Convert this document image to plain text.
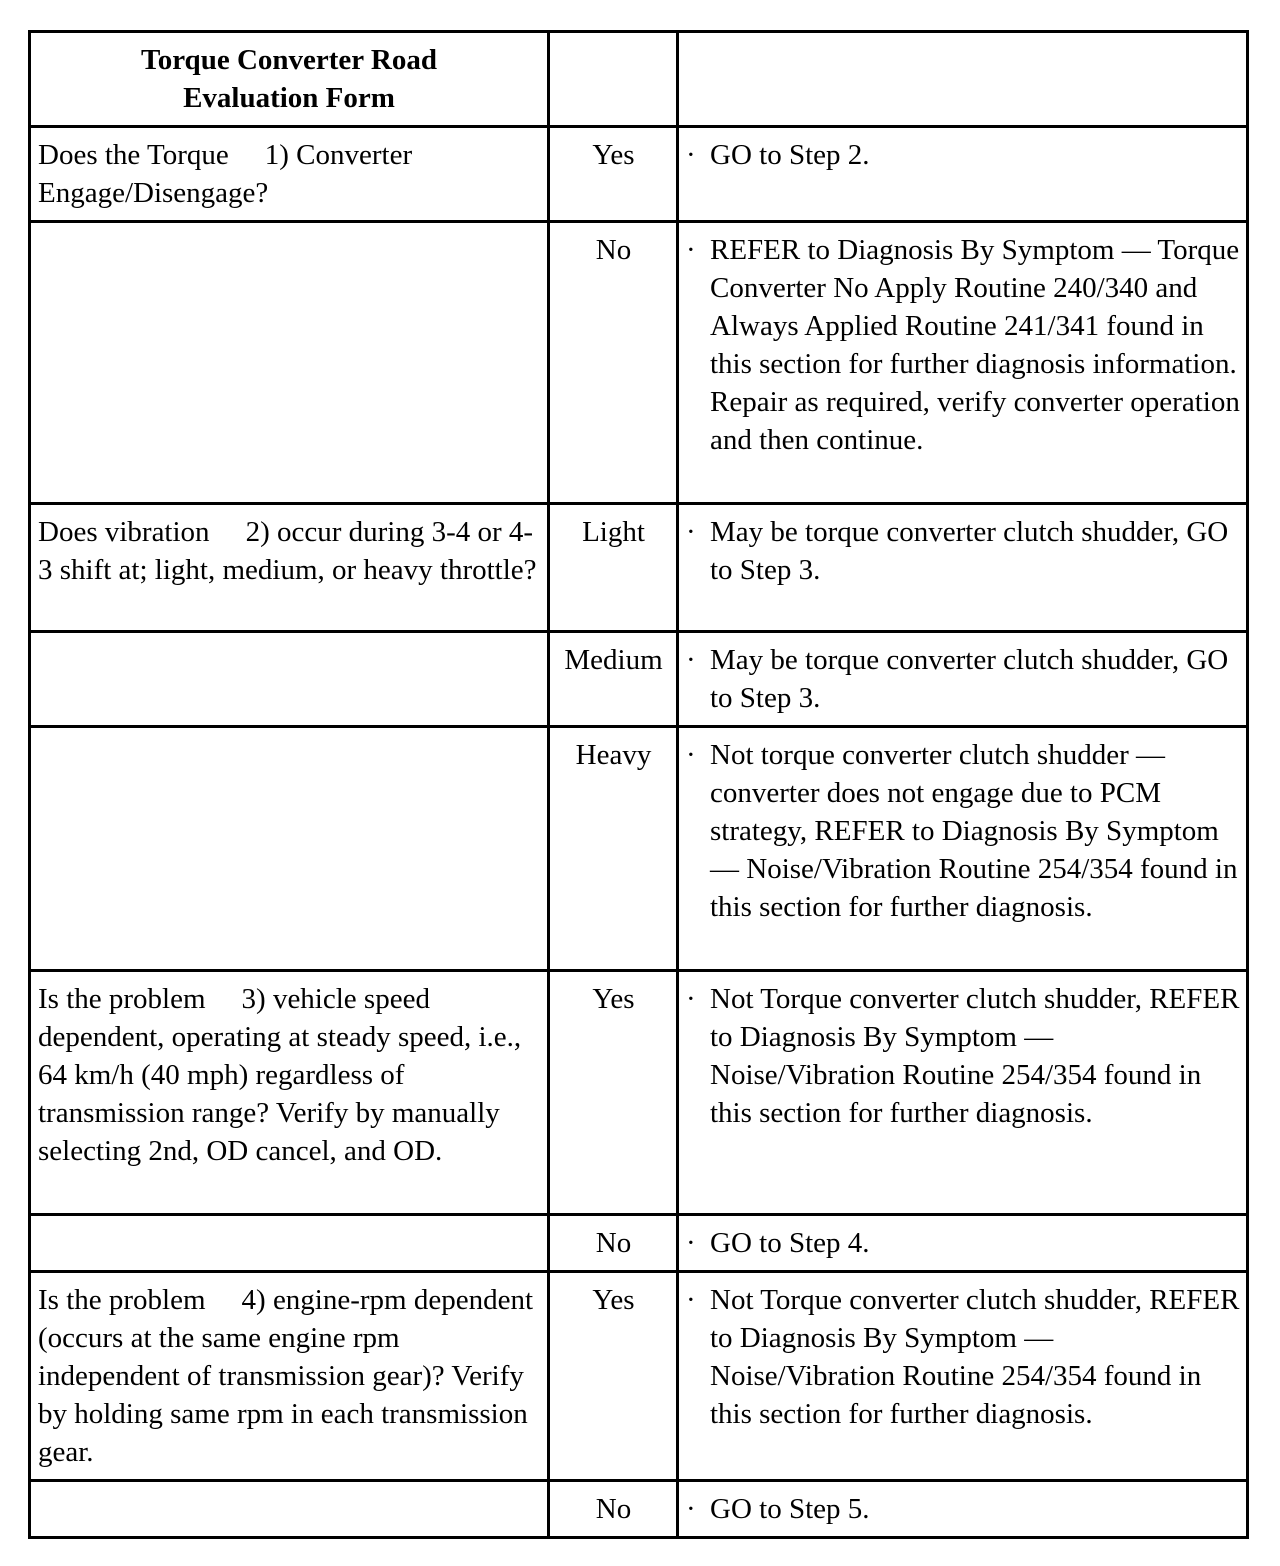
Torque Converter Road Evaluation Form		
Does the Torque 1) Converter Engage/Disengage?	Yes	· GO to Step 2.

	No	· REFER to Diagnosis By Symptom — Torque Converter No Apply Routine 240/340 and Always Applied Routine 241/341 found in this section for further diagnosis information. Repair as required, verify converter operation and then continue.

Does vibration 2) occur during 3-4 or 4-3 shift at; light, medium, or heavy throttle?	Light	· May be torque converter clutch shudder, GO to Step 3.

	Medium	· May be torque converter clutch shudder, GO to Step 3.

	Heavy	· Not torque converter clutch shudder — converter does not engage due to PCM strategy, REFER to Diagnosis By Symptom — Noise/Vibration Routine 254/354 found in this section for further diagnosis.

Is the problem 3) vehicle speed dependent, operating at steady speed, i.e., 64 km/h (40 mph) regardless of transmission range? Verify by manually selecting 2nd, OD cancel, and OD.	Yes	· Not Torque converter clutch shudder, REFER to Diagnosis By Symptom — Noise/Vibration Routine 254/354 found in this section for further diagnosis.

	No	· GO to Step 4.

Is the problem 4) engine-rpm dependent (occurs at the same engine rpm independent of transmission gear)? Verify by holding same rpm in each transmission gear.	Yes	· Not Torque converter clutch shudder, REFER to Diagnosis By Symptom — Noise/Vibration Routine 254/354 found in this section for further diagnosis.

	No	· GO to Step 5.
